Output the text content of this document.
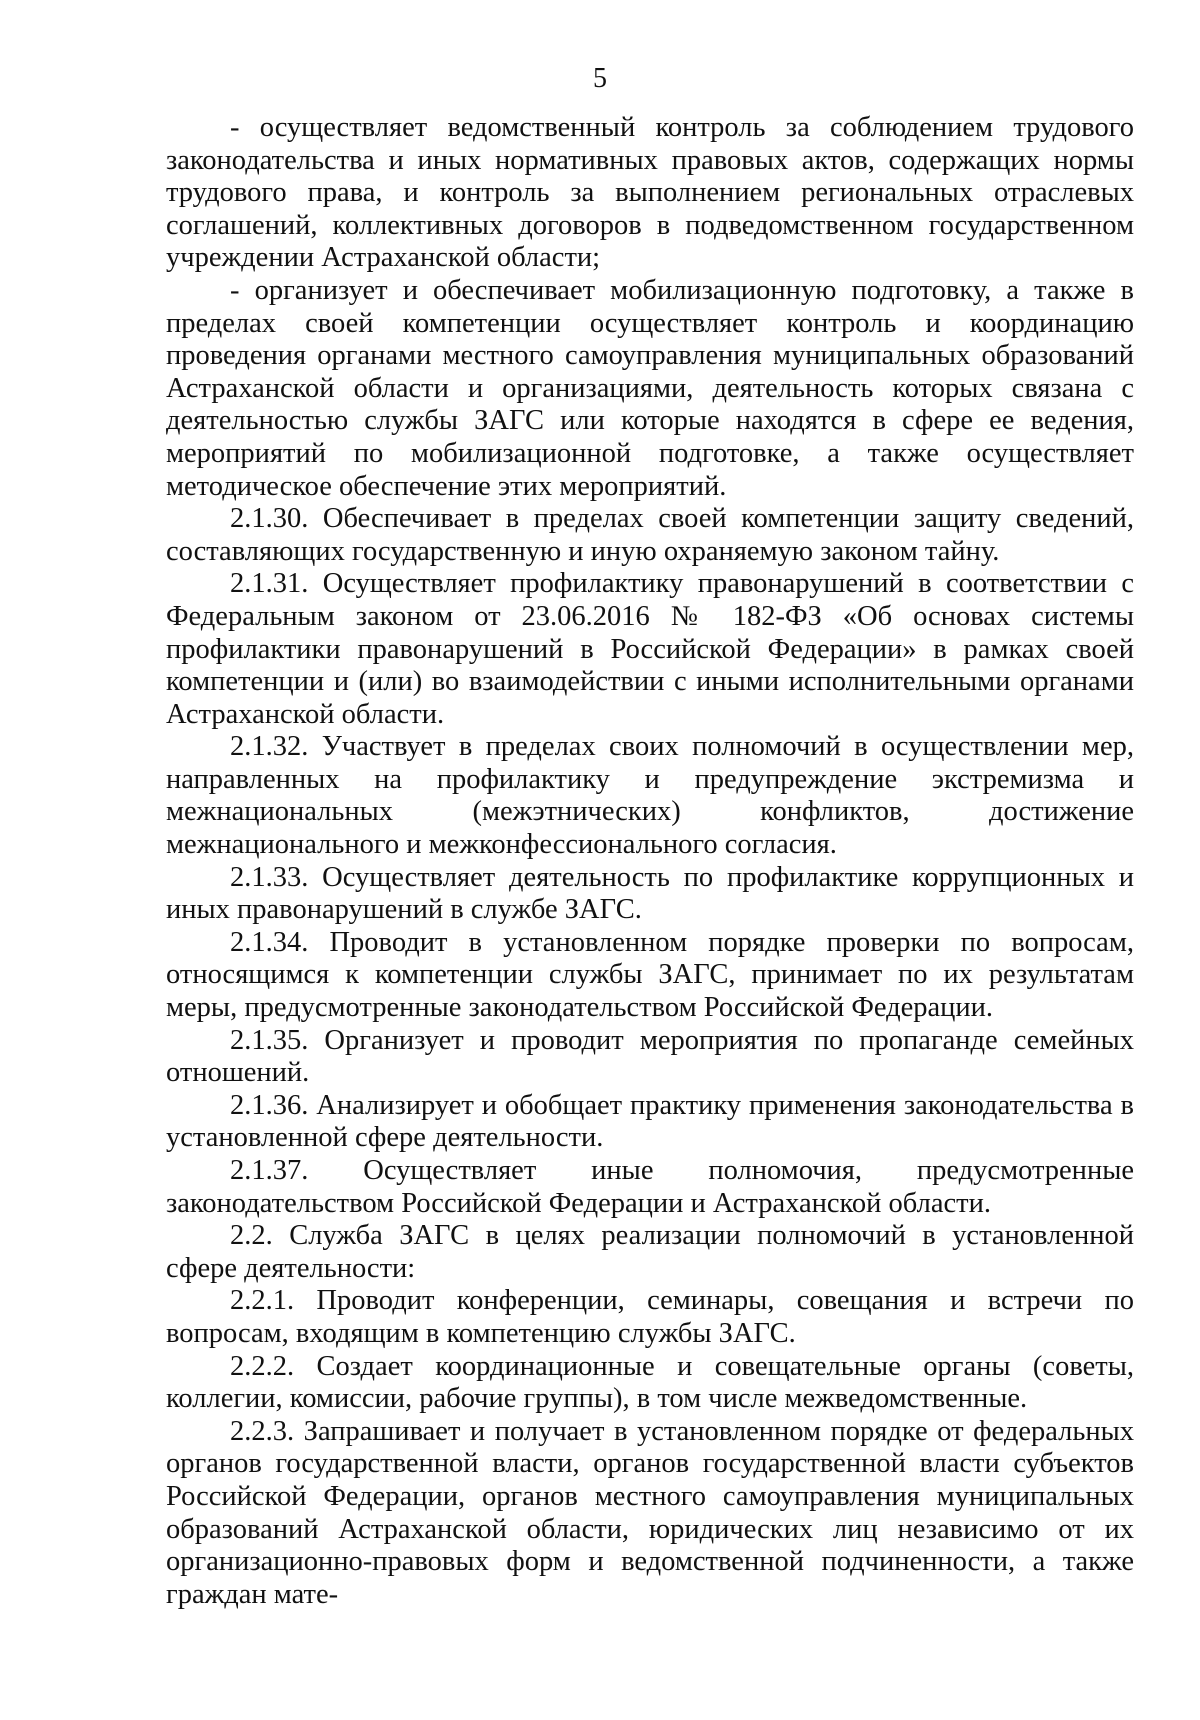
5

- осуществляет ведомственный контроль за соблюдением трудового законодательства и иных нормативных правовых актов, содержащих нормы трудового права, и контроль за выполнением региональных отраслевых соглашений, коллективных договоров в подведомственном государственном учреждении Астраханской области;

- организует и обеспечивает мобилизационную подготовку, а также в пределах своей компетенции осуществляет контроль и координацию проведения органами местного самоуправления муниципальных образований Астраханской области и организациями, деятельность которых связана с деятельностью службы ЗАГС или которые находятся в сфере ее ведения, мероприятий по мобилизационной подготовке, а также осуществляет методическое обеспечение этих мероприятий.

2.1.30. Обеспечивает в пределах своей компетенции защиту сведений, составляющих государственную и иную охраняемую законом тайну.

2.1.31. Осуществляет профилактику правонарушений в соответствии с Федеральным законом от 23.06.2016 № 182-ФЗ «Об основах системы профилактики правонарушений в Российской Федерации» в рамках своей компетенции и (или) во взаимодействии с иными исполнительными органами Астраханской области.

2.1.32. Участвует в пределах своих полномочий в осуществлении мер, направленных на профилактику и предупреждение экстремизма и межнациональных (межэтнических) конфликтов, достижение межнационального и межконфессионального согласия.

2.1.33. Осуществляет деятельность по профилактике коррупционных и иных правонарушений в службе ЗАГС.

2.1.34. Проводит в установленном порядке проверки по вопросам, относящимся к компетенции службы ЗАГС, принимает по их результатам меры, предусмотренные законодательством Российской Федерации.

2.1.35. Организует и проводит мероприятия по пропаганде семейных отношений.

2.1.36. Анализирует и обобщает практику применения законодательства в установленной сфере деятельности.

2.1.37. Осуществляет иные полномочия, предусмотренные законодательством Российской Федерации и Астраханской области.

2.2. Служба ЗАГС в целях реализации полномочий в установленной сфере деятельности:

2.2.1. Проводит конференции, семинары, совещания и встречи по вопросам, входящим в компетенцию службы ЗАГС.

2.2.2. Создает координационные и совещательные органы (советы, коллегии, комиссии, рабочие группы), в том числе межведомственные.

2.2.3. Запрашивает и получает в установленном порядке от федеральных органов государственной власти, органов государственной власти субъектов Российской Федерации, органов местного самоуправления муниципальных образований Астраханской области, юридических лиц независимо от их организационно-правовых форм и ведомственной подчиненности, а также граждан мате-
